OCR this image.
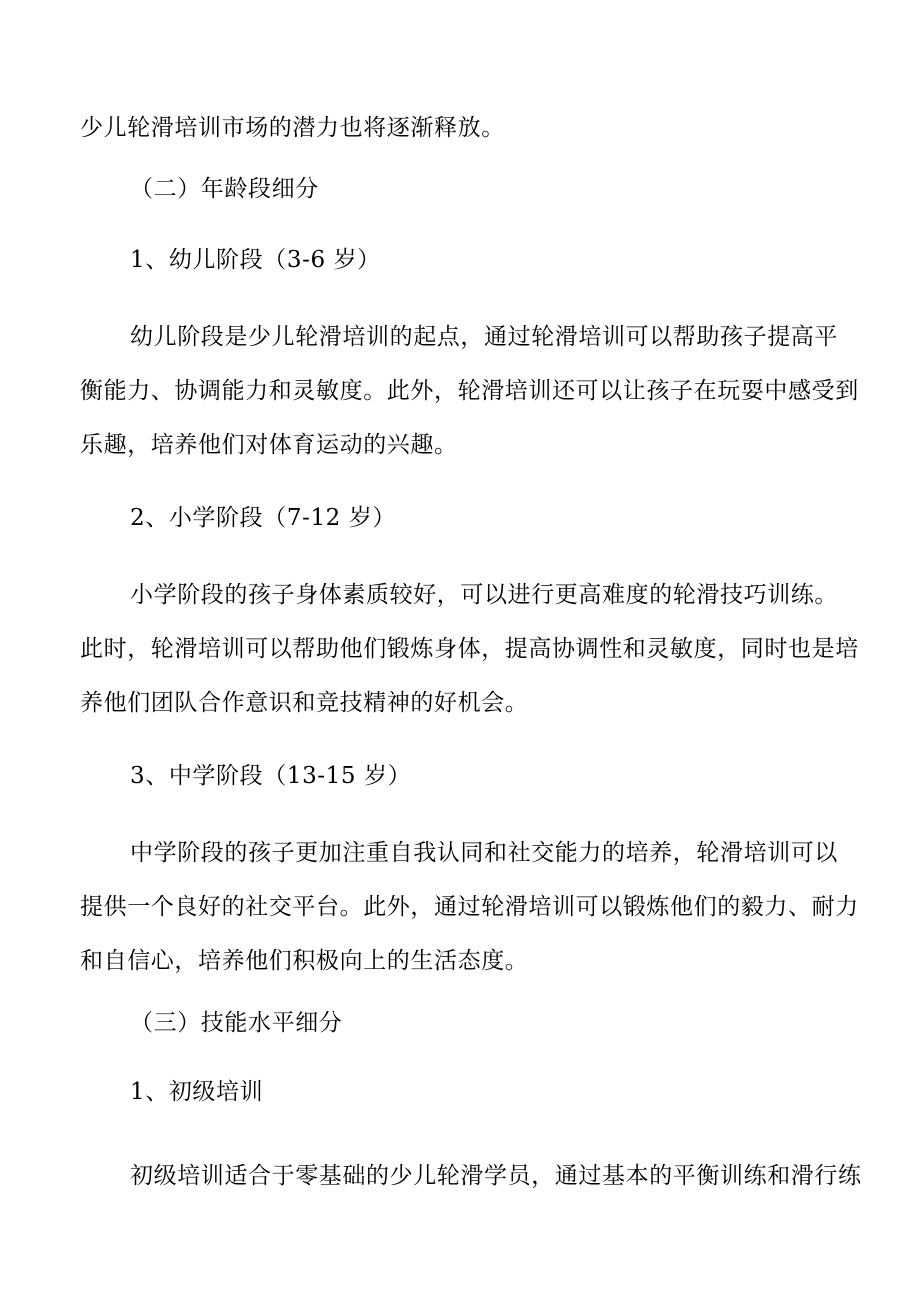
少儿轮滑培训市场的潜力也将逐渐释放。
（二）年龄段细分
1、幼儿阶段（3-6 岁）
幼儿阶段是少儿轮滑培训的起点，通过轮滑培训可以帮助孩子提高平
衡能力、协调能力和灵敏度。此外，轮滑培训还可以让孩子在玩耍中感受到
乐趣，培养他们对体育运动的兴趣。
2、小学阶段（7-12 岁）
小学阶段的孩子身体素质较好，可以进行更高难度的轮滑技巧训练。
此时，轮滑培训可以帮助他们锻炼身体，提高协调性和灵敏度，同时也是培
养他们团队合作意识和竞技精神的好机会。
3、中学阶段（13-15 岁）
中学阶段的孩子更加注重自我认同和社交能力的培养，轮滑培训可以
提供一个良好的社交平台。此外，通过轮滑培训可以锻炼他们的毅力、耐力
和自信心，培养他们积极向上的生活态度。
（三）技能水平细分
1、初级培训
初级培训适合于零基础的少儿轮滑学员，通过基本的平衡训练和滑行练
